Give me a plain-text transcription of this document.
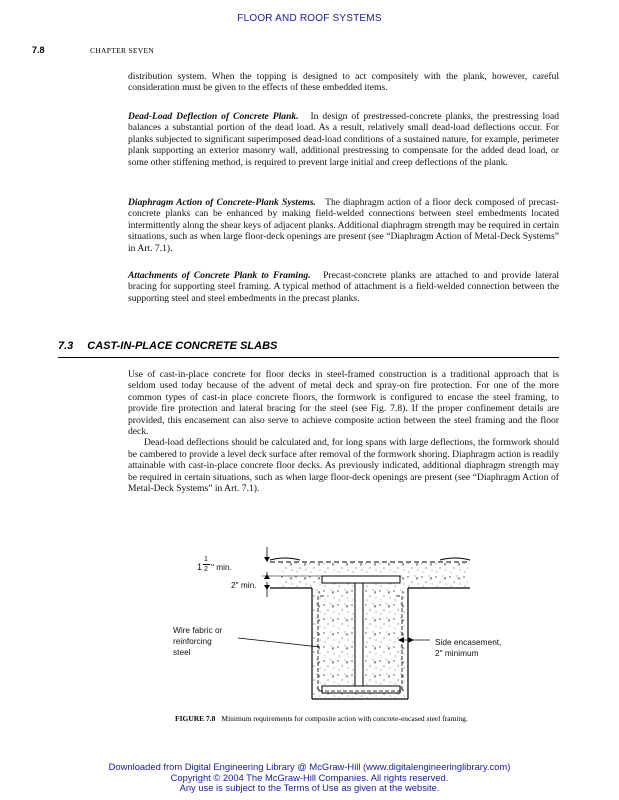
FLOOR AND ROOF SYSTEMS
7.8	CHAPTER SEVEN

distribution system. When the topping is designed to act compositely with the plank, however, careful consideration must be given to the effects of these embedded items.

Dead-Load Deflection of Concrete Plank. In design of prestressed-concrete planks, the prestressing load balances a substantial portion of the dead load. As a result, relatively small dead-load deflections occur. For planks subjected to significant superimposed dead-load conditions of a sustained nature, for example, perimeter plank supporting an exterior masonry wall, additional prestressing to compensate for the added dead load, or some other stiffening method, is required to prevent large initial and creep deflections of the plank.

Diaphragm Action of Concrete-Plank Systems. The diaphragm action of a floor deck composed of precast-concrete planks can be enhanced by making field-welded connections between steel embedments located intermittently along the shear keys of adjacent planks. Additional diaphragm strength may be required in certain situations, such as when large floor-deck openings are present (see “Diaphragm Action of Metal-Deck Systems” in Art. 7.1).

Attachments of Concrete Plank to Framing. Precast-concrete planks are attached to and provide lateral bracing for supporting steel framing. A typical method of attachment is a field-welded connection between the supporting steel and steel embedments in the precast planks.

7.3 CAST-IN-PLACE CONCRETE SLABS

Use of cast-in-place concrete for floor decks in steel-framed construction is a traditional approach that is seldom used today because of the advent of metal deck and spray-on fire protection. For one of the more common types of cast-in place concrete floors, the formwork is configured to encase the steel framing, to provide fire protection and lateral bracing for the steel (see Fig. 7.8). If the proper confinement details are provided, this encasement can also serve to achieve composite action between the steel framing and the floor deck.

Dead-load deflections should be calculated and, for long spans with large deflections, the formwork should be cambered to provide a level deck surface after removal of the formwork shoring. Diaphragm action is readily attainable with cast-in-place concrete floor decks. As previously indicated, additional diaphragm strength may be required in certain situations, such as when large floor-deck openings are present (see “Diaphragm Action of Metal-Deck Systems” in Art. 7.1).

1
1
2 " min.
2" min.
Wire fabric or
reinforcing
steel
Side encasement,
2" minimum
FIGURE 7.8 Minimum requirements for composite action with concrete-encased steel framing.
Downloaded from Digital Engineering Library @ McGraw-Hill (www.digitalengineeringlibrary.com)
Copyright © 2004 The McGraw-Hill Companies. All rights reserved.
Any use is subject to the Terms of Use as given at the website.
